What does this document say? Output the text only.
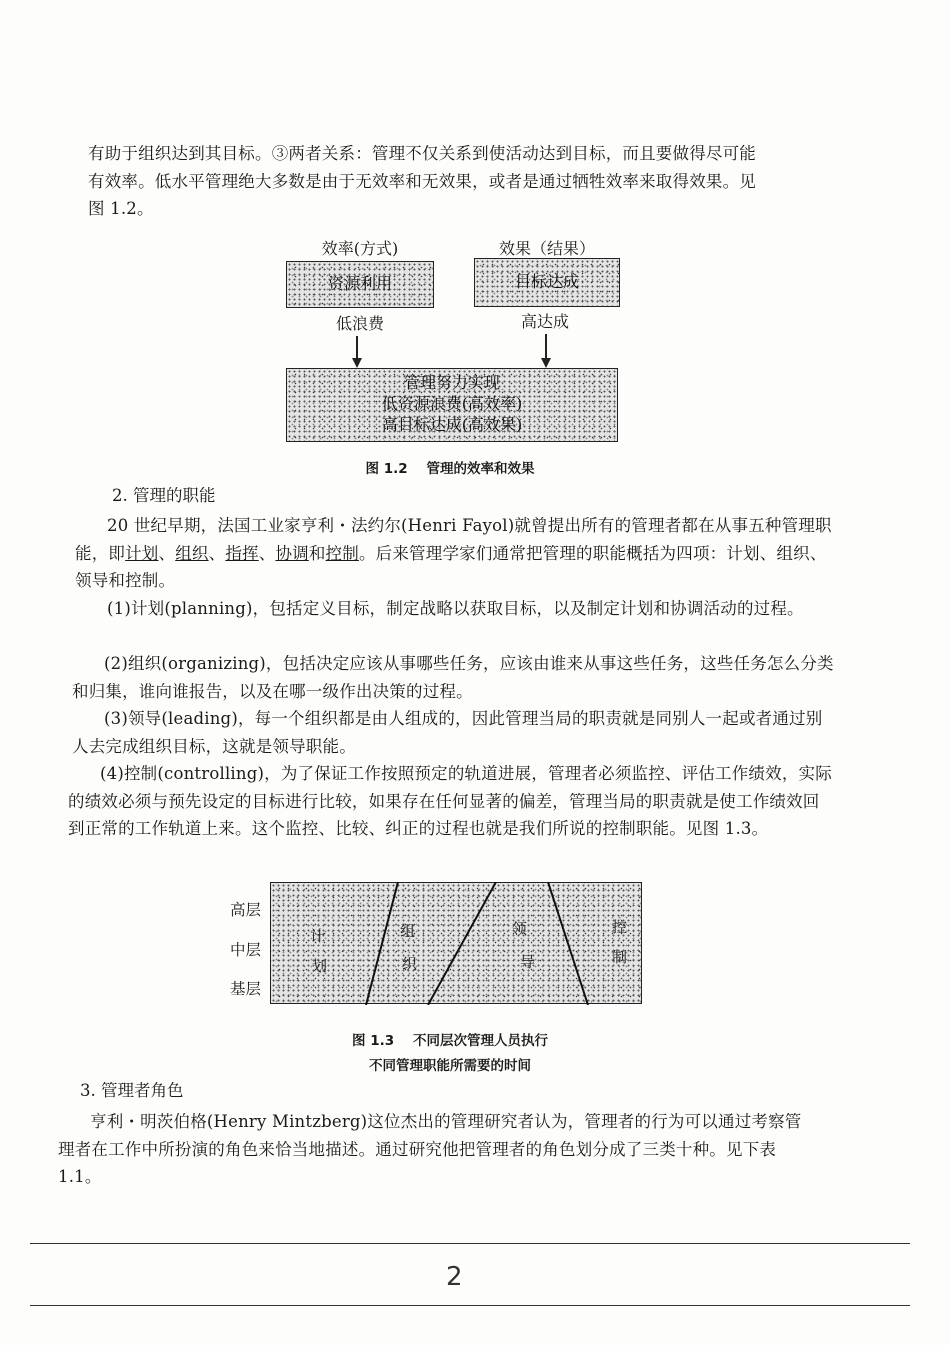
有助于组织达到其目标。③两者关系：管理不仅关系到使活动达到目标，而且要做得尽可能
有效率。低水平管理绝大多数是由于无效率和无效果，或者是通过牺牲效率来取得效果。见
图 1.2。

效率(方式)	效果（结果）
资源利用	目标达成
低浪费	高达成
管理努力实现
低资源浪费(高效率)
高目标达成(高效果)
图 1.2    管理的效率和效果

2. 管理的职能

20 世纪早期，法国工业家亨利・法约尔(Henri Fayol)就曾提出所有的管理者都在从事五种管理职能，即计划、组织、指挥、协调和控制。后来管理学家们通常把管理的职能概括为四项：计划、组织、领导和控制。

(1)计划(planning)，包括定义目标，制定战略以获取目标，以及制定计划和协调活动的过程。

(2)组织(organizing)，包括决定应该从事哪些任务，应该由谁来从事这些任务，这些任务怎么分类和归集，谁向谁报告，以及在哪一级作出决策的过程。

(3)领导(leading)，每一个组织都是由人组成的，因此管理当局的职责就是同别人一起或者通过别人去完成组织目标，这就是领导职能。

(4)控制(controlling)，为了保证工作按照预定的轨道进展，管理者必须监控、评估工作绩效，实际的绩效必须与预先设定的目标进行比较，如果存在任何显著的偏差，管理当局的职责就是使工作绩效回到正常的工作轨道上来。这个监控、比较、纠正的过程也就是我们所说的控制职能。见图 1.3。

高层
中层
基层
计
划
组
织
领
导
控
制
图 1.3    不同层次管理人员执行
不同管理职能所需要的时间

3. 管理者角色

亨利・明茨伯格(Henry Mintzberg)这位杰出的管理研究者认为，管理者的行为可以通过考察管理者在工作中所扮演的角色来恰当地描述。通过研究他把管理者的角色划分成了三类十种。见下表 1.1。

2
